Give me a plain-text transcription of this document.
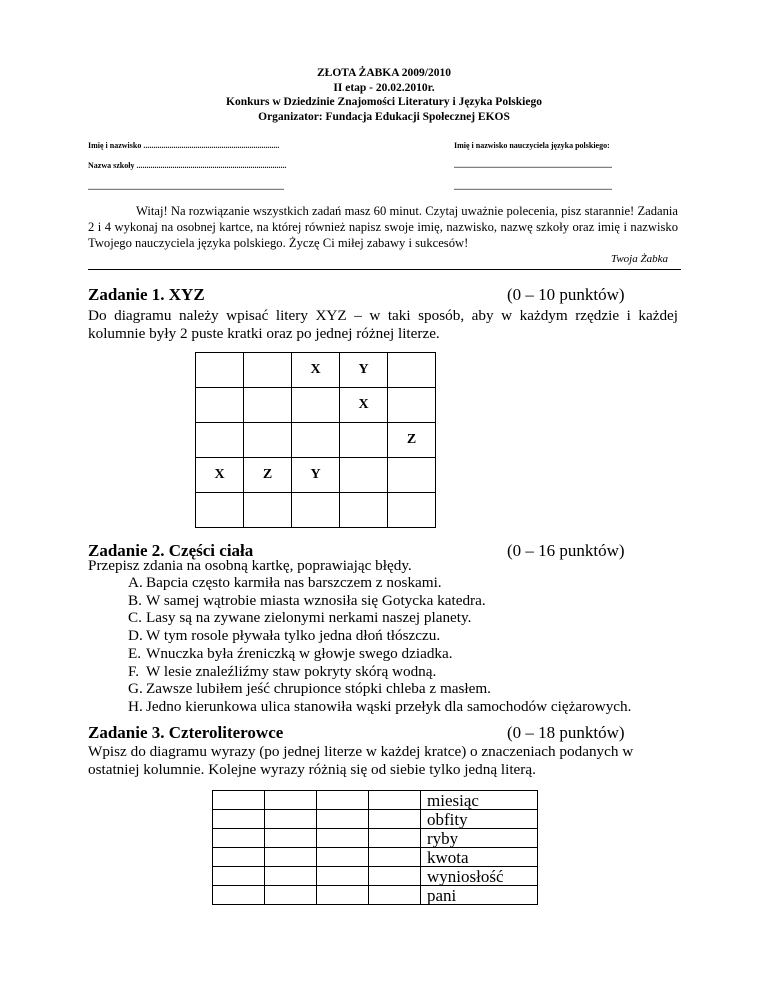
ZŁOTA ŻABKA 2009/2010
II etap - 20.02.2010r.
Konkurs w Dziedzinie Znajomości Literatury i Języka Polskiego
Organizator: Fundacja Edukacji Społecznej EKOS
Imię i nazwisko ....................................................................	Imię i nazwisko nauczyciela języka polskiego:
Nazwa szkoły ...........................................................................	...............................................................................
..................................................................................................	...............................................................................

Witaj! Na rozwiązanie wszystkich zadań masz 60 minut. Czytaj uważnie polecenia, pisz starannie! Zadania 2 i 4 wykonaj na osobnej kartce, na której również napisz swoje imię, nazwisko, nazwę szkoły oraz imię i nazwisko Twojego nauczyciela języka polskiego. Życzę Ci miłej zabawy i sukcesów!

Twoja Żabka
Zadanie 1. XYZ	(0 – 10 punktów)
Do diagramu należy wpisać litery XYZ – w taki sposób, aby w każdym rzędzie i każdej kolumnie były 2 puste kratki oraz po jednej różnej literze.
		X	Y	
			X	
				Z
X	Z	Y		

Zadanie 2. Części ciała	(0 – 16 punktów)
Przepisz zdania na osobną kartkę, poprawiając błędy.
A. Bapcia często karmiła nas barszczem z noskami.
B. W samej wątrobie miasta wznosiła się Gotycka katedra.
C. Lasy są na zywane zielonymi nerkami naszej planety.
D. W tym rosole pływała tylko jedna dłoń tłószczu.
E. Wnuczka była źreniczką w głowje swego dziadka.
F. W lesie znaleźliźmy staw pokryty skórą wodną.
G. Zawsze lubiłem jeść chrupionce stópki chleba z masłem.
H. Jedno kierunkowa ulica stanowiła wąski przełyk dla samochodów ciężarowych.
Zadanie 3. Czteroliterowce	(0 – 18 punktów)
Wpisz do diagramu wyrazy (po jednej literze w każdej kratce) o znaczeniach podanych w ostatniej kolumnie. Kolejne wyrazy różnią się od siebie tylko jedną literą.
				miesiąc
				obfity
				ryby
				kwota
				wyniosłość
				pani
